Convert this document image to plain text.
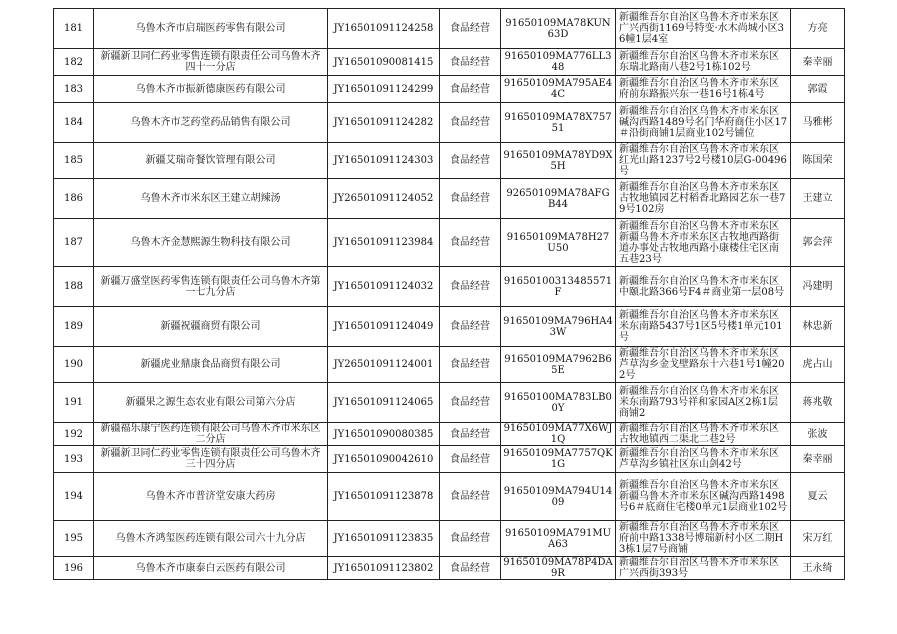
181	乌鲁木齐市启瑞医药零售有限公司	JY16501091124258	食品经营	91650109MA78KUN63D	新疆维吾尔自治区乌鲁木齐市米东区广兴西街1169号特变·水木尚城小区36幢1层4室	方亮
182	新疆新卫同仁药业零售连锁有限责任公司乌鲁木齐四十一分店	JY16501090081415	食品经营	91650109MA776LL348	新疆维吾尔自治区乌鲁木齐市米东区东瑞北路南八巷2号1栋102号	秦幸丽
183	乌鲁木齐市振新德康医药有限公司	JY16501091124299	食品经营	91650109MA795AE44C	新疆维吾尔自治区乌鲁木齐市米东区府前东路振兴东一巷16号1栋4号	郭霞
184	乌鲁木齐市芝药堂药品销售有限公司	JY16501091124282	食品经营	91650109MA78X75751	新疆维吾尔自治区乌鲁木齐市米东区碱沟西路1489号名门华府商住小区17＃沿街商铺1层商业102号铺位	马雅彬
185	新疆艾瑞奇餐饮管理有限公司	JY16501091124303	食品经营	91650109MA78YD9X5H	新疆维吾尔自治区乌鲁木齐市米东区红光山路1237号2号楼10层G-00496号	陈国荣
186	乌鲁木齐市米东区王建立胡辣汤	JY26501091124052	食品经营	92650109MA78AFGB44	新疆维吾尔自治区乌鲁木齐市米东区古牧地镇园艺村稻香北路园艺东一巷79号102房	王建立
187	乌鲁木齐金慧熙源生物科技有限公司	JY16501091123984	食品经营	91650109MA78H27U50	新疆维吾尔自治区乌鲁木齐市米东区新疆乌鲁木齐市米东区古牧地西路街道办事处古牧地西路小康楼住宅区南五巷23号	郭会萍
188	新疆万盛堂医药零售连锁有限责任公司乌鲁木齐第一七九分店	JY16501091124032	食品经营	91650100313485571F	新疆维吾尔自治区乌鲁木齐市米东区中颐北路366号F4＃商业第一层08号	冯建明
189	新疆祝疆商贸有限公司	JY16501091124049	食品经营	91650109MA796HA43W	新疆维吾尔自治区乌鲁木齐市米东区米东南路5437号1区5号楼1单元101号	林忠新
190	新疆虎业鼎康食品商贸有限公司	JY26501091124001	食品经营	91650109MA7962B65E	新疆维吾尔自治区乌鲁木齐市米东区芦草沟乡金戈壁路东十六巷1号1幢202号	虎占山
191	新疆果之源生态农业有限公司第六分店	JY16501091124065	食品经营	91650100MA783LB00Y	新疆维吾尔自治区乌鲁木齐市米东区米东南路793号祥和家园A区2栋1层商铺2	蒋兆敬
192	新疆福乐康宁医药连锁有限公司乌鲁木齐市米东区二分店	JY16501090080385	食品经营	91650109MA77X6WJ1Q	新疆维吾尔自治区乌鲁木齐市米东区古牧地镇西二渠北二巷2号	张波
193	新疆新卫同仁药业零售连锁有限责任公司乌鲁木齐三十四分店	JY16501090042610	食品经营	91650109MA7757QK1G	新疆维吾尔自治区乌鲁木齐市米东区芦草沟乡镇社区东山剑42号	秦幸丽
194	乌鲁木齐市普济堂安康大药房	JY16501091123878	食品经营	91650109MA794U1409	新疆维吾尔自治区乌鲁木齐市米东区新疆乌鲁木齐市米东区碱沟西路1498号6＃底商住宅楼0单元1层商业102号	夏云
195	乌鲁木齐鸿玺医药连锁有限公司六十九分店	JY16501091123835	食品经营	91650109MA791MUA63	新疆维吾尔自治区乌鲁木齐市米东区府前中路1338号博瑞新村小区二期H3栋1层7号商铺	宋万红
196	乌鲁木齐市康泰白云医药有限公司	JY16501091123802	食品经营	91650109MA78P4DA9R	新疆维吾尔自治区乌鲁木齐市米东区广兴西街393号	王永绮
